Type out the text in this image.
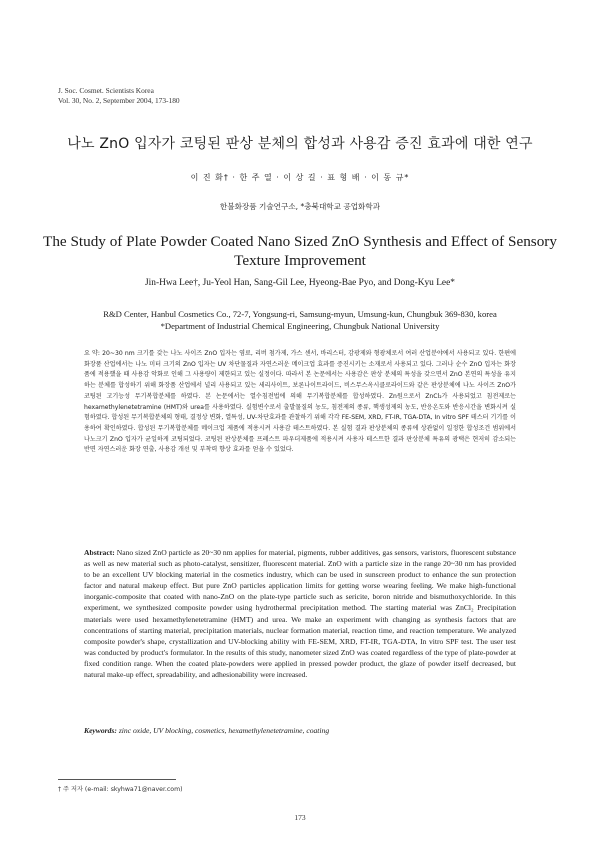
J. Soc. Cosmet. Scientists Korea
Vol. 30, No. 2, September 2004, 173-180
나노 ZnO 입자가 코팅된 판상 분체의 합성과 사용감 증진 효과에 대한 연구
이 진 화† · 한 주 열 · 이 상 길 · 표 형 배 · 이 동 규*
한불화장품 기술연구소, *충북대학교 공업화학과
The Study of Plate Powder Coated Nano Sized ZnO Synthesis and Effect of Sensory Texture Improvement
Jin-Hwa Lee†, Ju-Yeol Han, Sang-Gil Lee, Hyeong-Bae Pyo, and Dong-Kyu Lee*
R&D Center, Hanbul Cosmetics Co., 72-7, Yongsung-ri, Samsung-myun, Umsung-kun, Chungbuk 369-830, korea
*Department of Industrial Chemical Engineering, Chungbuk National University

요 약: 20~30 nm 크기를 갖는 나노 사이즈 ZnO 입자는 염료, 리버 첨가제, 가스 센서, 바리스터, 감광제와 형광체로서 여러 산업분야에서 사용되고 있다. 한편에 화장품 산업에서는 나노 미터 크기의 ZnO 입자는 UV 차단물질과 자연스러운 메이크업 효과를 증진시키는 소재로서 사용되고 있다. 그러나 순수 ZnO 입자는 화장품에 적용했을 때 사용감 악화로 인해 그 사용량이 제한되고 있는 실정이다. 따라서 본 논문에서는 사용감은 판상 분체의 특성을 갖으면서 ZnO 본연의 특성을 유지하는 분체를 합성하기 위해 화장품 산업에서 널리 사용되고 있는 세리사이트, 보론나이트라이드, 비스무스옥시클로라이드와 같은 판상분체에 나노 사이즈 ZnO가 코팅된 고기능성 무기복합분체를 하였다. 본 논문에서는 열수침전법에 의해 무기복합분체를 합성하였다. Zn원으로서 ZnCl₂가 사용되었고 침전제로는 hexamethylenetetramine (HMT)와 urea를 사용하였다. 실험변수로서 출발물질의 농도, 침전제의 종류, 핵생성제의 농도, 반응온도와 반응시간을 변화시켜 실험하였다. 합성된 무기복합분체의 형태, 결정상 변화, 열특성, UV-차단효과를 관찰하기 위해 각각 FE-SEM, XRD, FT-IR, TGA-DTA, In vitro SPF 테스터 기기를 이용하여 확인하였다. 합성된 무기복합분체를 메이크업 제품에 적용시켜 사용감 테스트하였다. 본 실험 결과 판상분체의 종류에 상관없이 일정한 합성조건 범위에서 나노크기 ZnO 입자가 균일하게 코팅되었다. 코팅된 판상분체를 프레스트 파우더제품에 적용시켜 사용자 테스트한 결과 판상분체 특유의 광택은 현저히 감소되는 반면 자연스러운 화장 연출, 사용감 개선 및 부착력 향상 효과를 얻을 수 있었다.

Abstract: Nano sized ZnO particle as 20~30 nm applies for material, pigments, rubber additives, gas sensors, varistors, fluorescent substance as well as new material such as photo-catalyst, sensitizer, fluorescent material. ZnO with a particle size in the range 20~30 nm has provided to be an excellent UV blocking material in the cosmetics industry, which can be used in sunscreen product to enhance the sun protection factor and natural makeup effect. But pure ZnO particles application limits for getting worse wearing feeling. We make high-functional inorganic-composite that coated with nano-ZnO on the plate-type particle such as sericite, boron nitride and bismuthoxychloride. In this experiment, we synthesized composite powder using hydrothermal precipitation method. The starting material was ZnCl₂ Precipitation materials were used hexamethylenetetramine (HMT) and urea. We make an experiment with changing as synthesis factors that are concentrations of starting material, precipitation materials, nuclear formation material, reaction time, and reaction temperature. We analyzed composite powder's shape, crystallization and UV-blocking ability with FE-SEM, XRD, FT-IR, TGA-DTA, In vitro SPF test. The user test was conducted by product's formulator. In the results of this study, nanometer sized ZnO was coated regardless of the type of plate-powder at fixed condition range. When the coated plate-powders were applied in pressed powder product, the glaze of powder itself decreased, but natural make-up effect, spreadability, and adhesionability were increased.

Keywords: zinc oxide, UV blocking, cosmetics, hexamethylenetetramine, coating
† 주 저자 (e-mail: skyhwa71@naver.com)
173
